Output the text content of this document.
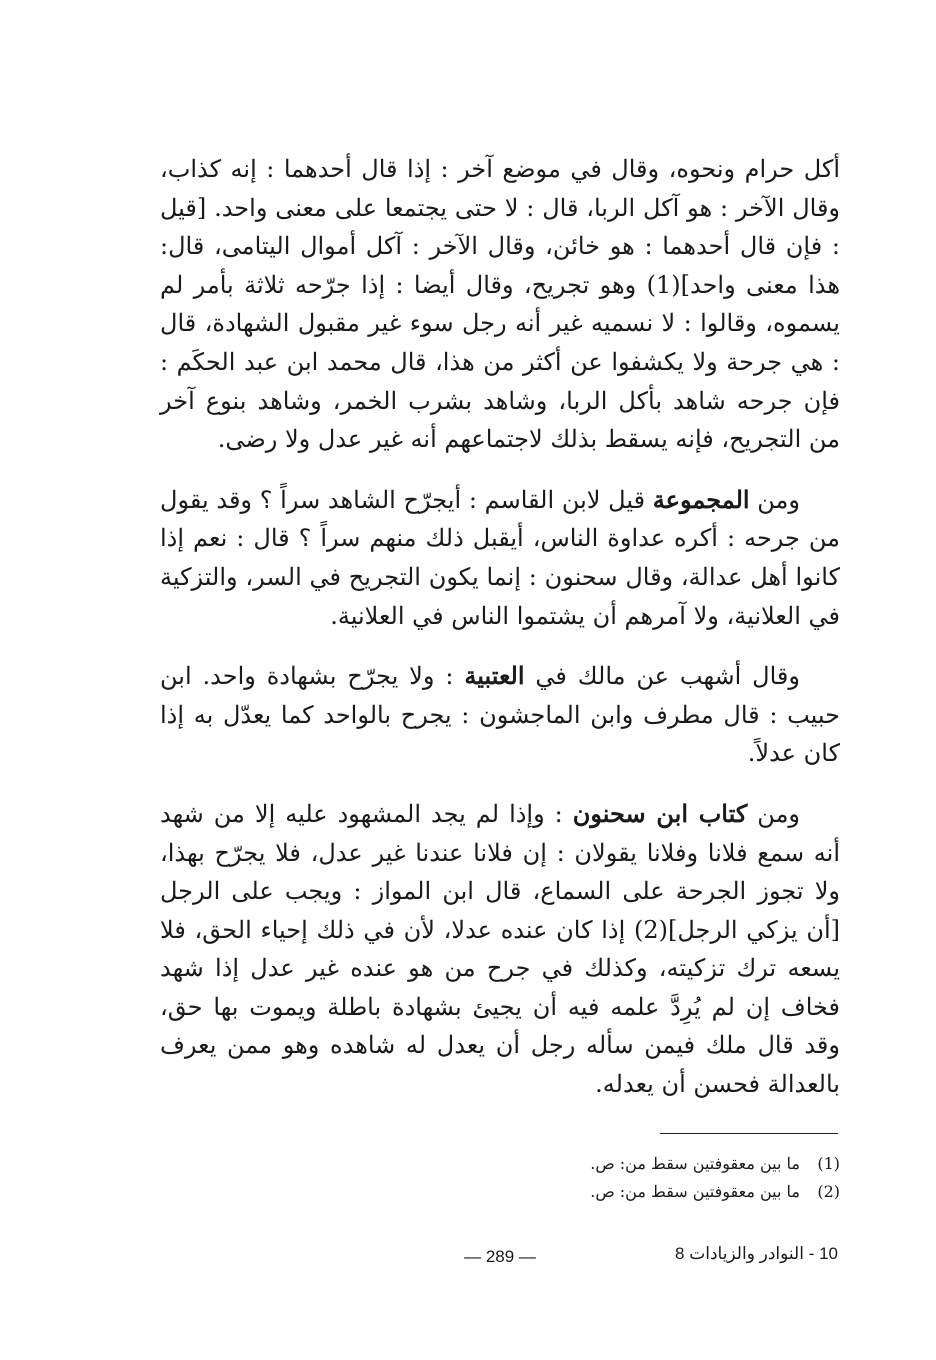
أكل حرام ونحوه، وقال في موضع آخر : إذا قال أحدهما : إنه كذاب، وقال الآخر : هو آكل الربا، قال : لا حتى يجتمعا على معنى واحد. [قيل : فإن قال أحدهما : هو خائن، وقال الآخر : آكل أموال اليتامى، قال: هذا معنى واحد](1) وهو تجريح، وقال أيضا : إذا جرّحه ثلاثة بأمر لم يسموه، وقالوا : لا نسميه غير أنه رجل سوء غير مقبول الشهادة، قال : هي جرحة ولا يكشفوا عن أكثر من هذا، قال محمد ابن عبد الحكَم : فإن جرحه شاهد بأكل الربا، وشاهد بشرب الخمر، وشاهد بنوع آخر من التجريح، فإنه يسقط بذلك لاجتماعهم أنه غير عدل ولا رضى.

ومن المجموعة قيل لابن القاسم : أيجرّح الشاهد سراً ؟ وقد يقول من جرحه : أكره عداوة الناس، أيقبل ذلك منهم سراً ؟ قال : نعم إذا كانوا أهل عدالة، وقال سحنون : إنما يكون التجريح في السر، والتزكية في العلانية، ولا آمرهم أن يشتموا الناس في العلانية.

وقال أشهب عن مالك في العتبية : ولا يجرّح بشهادة واحد. ابن حبيب : قال مطرف وابن الماجشون : يجرح بالواحد كما يعدّل به إذا كان عدلاً.

ومن كتاب ابن سحنون : وإذا لم يجد المشهود عليه إلا من شهد أنه سمع فلانا وفلانا يقولان : إن فلانا عندنا غير عدل، فلا يجرّح بهذا، ولا تجوز الجرحة على السماع، قال ابن المواز : ويجب على الرجل [أن يزكي الرجل](2) إذا كان عنده عدلا، لأن في ذلك إحياء الحق، فلا يسعه ترك تزكيته، وكذلك في جرح من هو عنده غير عدل إذا شهد فخاف إن لم يُرِدَّ علمه فيه أن يجيئ بشهادة باطلة ويموت بها حق، وقد قال ملك فيمن سأله رجل أن يعدل له شاهده وهو ممن يعرف بالعدالة فحسن أن يعدله.

(1)ما بين معقوفتين سقط من: ص.
(2)ما بين معقوفتين سقط من: ص.
— 289 —	10 - النوادر والزيادات 8
